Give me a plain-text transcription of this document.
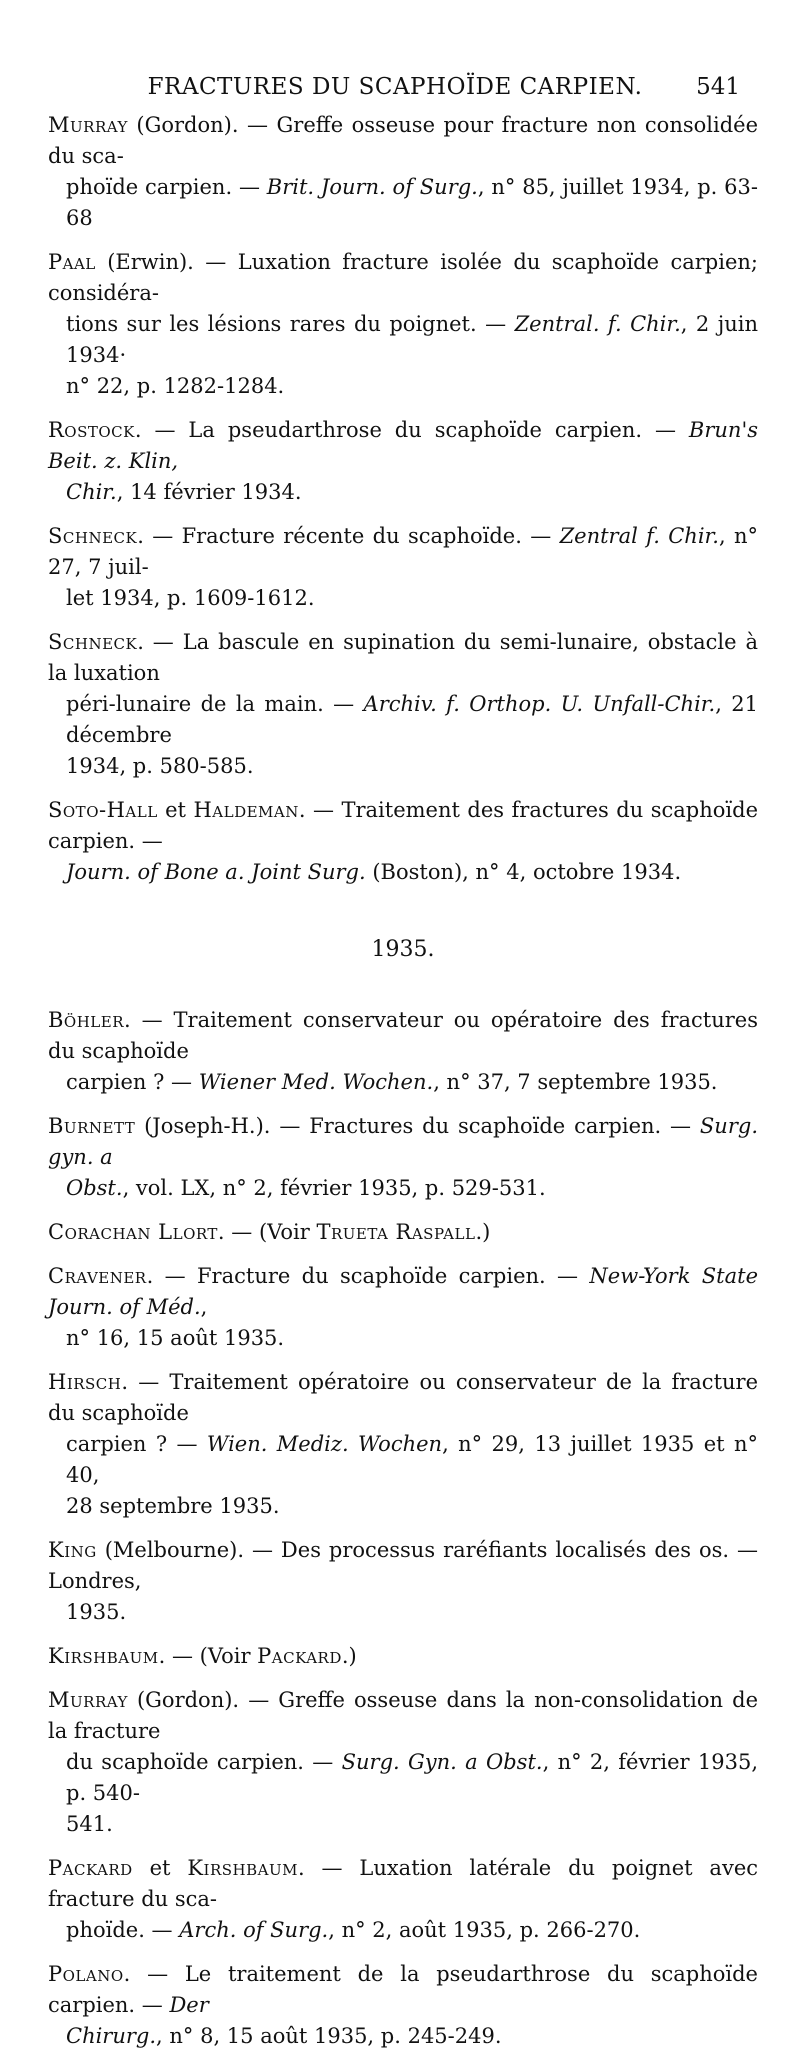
FRACTURES DU SCAPHOÏDE CARPIEN.	541
Murray (Gordon). — Greffe osseuse pour fracture non consolidée du sca-
phoïde carpien. — Brit. Journ. of Surg., n° 85, juillet 1934, p. 63-68
Paal (Erwin). — Luxation fracture isolée du scaphoïde carpien; considéra-
tions sur les lésions rares du poignet. — Zentral. f. Chir., 2 juin 1934·
n° 22, p. 1282-1284.
Rostock. — La pseudarthrose du scaphoïde carpien. — Brun's Beit. z. Klin,
Chir., 14 février 1934.
Schneck. — Fracture récente du scaphoïde. — Zentral f. Chir., n° 27, 7 juil-
let 1934, p. 1609-1612.
Schneck. — La bascule en supination du semi-lunaire, obstacle à la luxation
péri-lunaire de la main. — Archiv. f. Orthop. U. Unfall-Chir., 21 décembre
1934, p. 580-585.
Soto-Hall et Haldeman. — Traitement des fractures du scaphoïde carpien. —
Journ. of Bone a. Joint Surg. (Boston), n° 4, octobre 1934.
1935.
Böhler. — Traitement conservateur ou opératoire des fractures du scaphoïde
carpien ? — Wiener Med. Wochen., n° 37, 7 septembre 1935.
Burnett (Joseph-H.). — Fractures du scaphoïde carpien. — Surg. gyn. a
Obst., vol. LX, n° 2, février 1935, p. 529-531.
Corachan Llort. — (Voir Trueta Raspall.)
Cravener. — Fracture du scaphoïde carpien. — New-York State Journ. of Méd.,
n° 16, 15 août 1935.
Hirsch. — Traitement opératoire ou conservateur de la fracture du scaphoïde
carpien ? — Wien. Mediz. Wochen, n° 29, 13 juillet 1935 et n° 40,
28 septembre 1935.
King (Melbourne). — Des processus raréfiants localisés des os. — Londres,
1935.
Kirshbaum. — (Voir Packard.)
Murray (Gordon). — Greffe osseuse dans la non-consolidation de la fracture
du scaphoïde carpien. — Surg. Gyn. a Obst., n° 2, février 1935, p. 540-
541.
Packard et Kirshbaum. — Luxation latérale du poignet avec fracture du sca-
phoïde. — Arch. of Surg., n° 2, août 1935, p. 266-270.
Polano. — Le traitement de la pseudarthrose du scaphoïde carpien. — Der
Chirurg., n° 8, 15 août 1935, p. 245-249.
